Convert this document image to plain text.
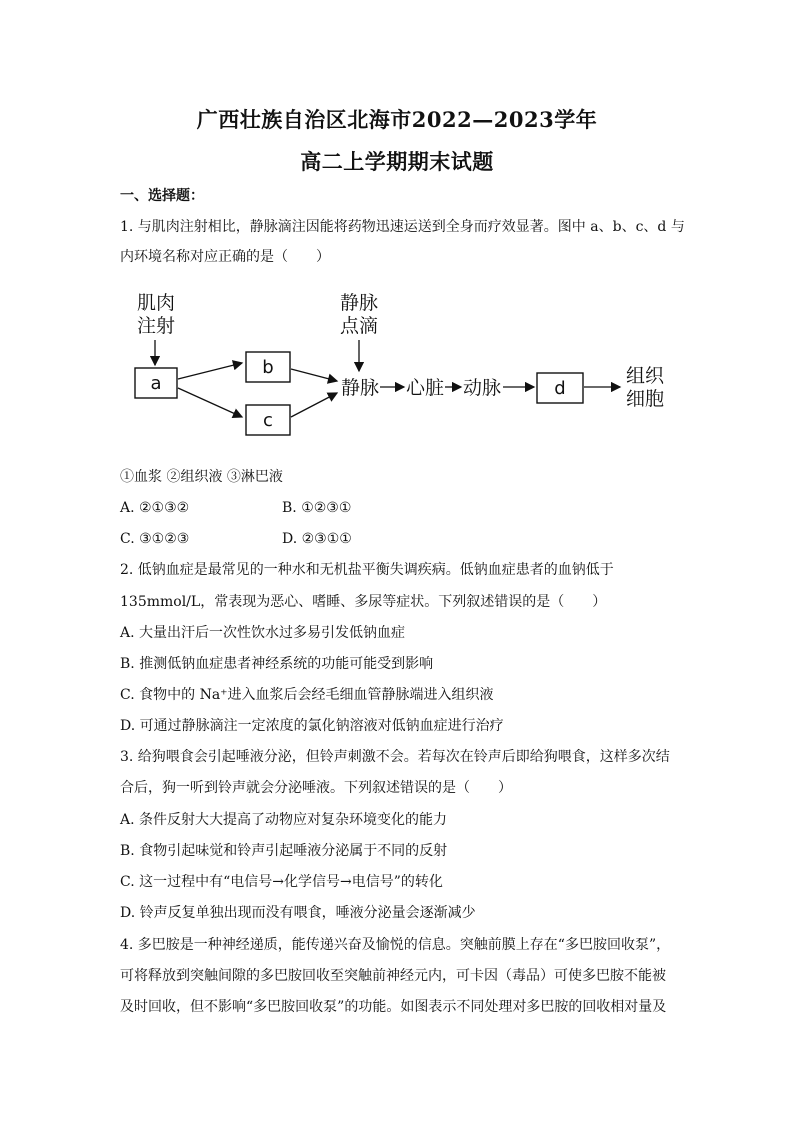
广西壮族自治区北海市2022—2023学年
高二上学期期末试题
一、选择题：
1. 与肌肉注射相比，静脉滴注因能将药物迅速运送到全身而疗效显著。图中 a、b、c、d 与
内环境名称对应正确的是（　　）
肌肉
注射
静脉
点滴
a
b
c
静脉 心脏 动脉	d
组织
细胞
①血浆 ②组织液 ③淋巴液
A. ②①③②	B. ①②③①
C. ③①②③	D. ②③①①
2. 低钠血症是最常见的一种水和无机盐平衡失调疾病。低钠血症患者的血钠低于
135mmol/L，常表现为恶心、嗜睡、多尿等症状。下列叙述错误的是（　　）
A. 大量出汗后一次性饮水过多易引发低钠血症
B. 推测低钠血症患者神经系统的功能可能受到影响
C. 食物中的 Na⁺进入血浆后会经毛细血管静脉端进入组织液
D. 可通过静脉滴注一定浓度的氯化钠溶液对低钠血症进行治疗
3. 给狗喂食会引起唾液分泌，但铃声刺激不会。若每次在铃声后即给狗喂食，这样多次结
合后，狗一听到铃声就会分泌唾液。下列叙述错误的是（　　）
A. 条件反射大大提高了动物应对复杂环境变化的能力
B. 食物引起味觉和铃声引起唾液分泌属于不同的反射
C. 这一过程中有“电信号→化学信号→电信号”的转化
D. 铃声反复单独出现而没有喂食，唾液分泌量会逐渐减少
4. 多巴胺是一种神经递质，能传递兴奋及愉悦的信息。突触前膜上存在“多巴胺回收泵”，
可将释放到突触间隙的多巴胺回收至突触前神经元内，可卡因（毒品）可使多巴胺不能被
及时回收，但不影响“多巴胺回收泵”的功能。如图表示不同处理对多巴胺的回收相对量及
